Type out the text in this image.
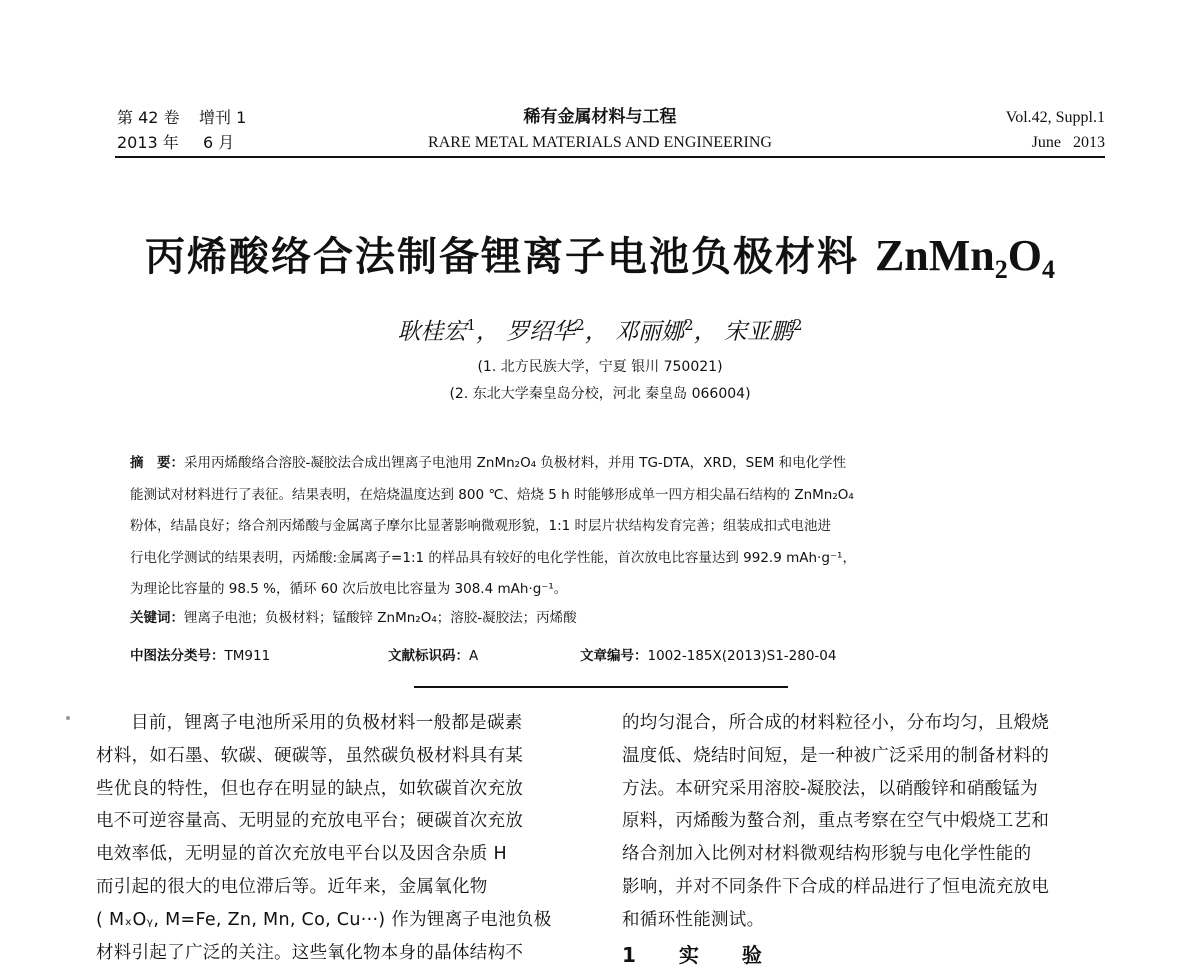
第 42 卷 增刊 1
2013 年 6 月
稀有金属材料与工程
RARE METAL MATERIALS AND ENGINEERING
Vol.42, Suppl.1
June   2013
丙烯酸络合法制备锂离子电池负极材料 $ZnMn_2O_4$
耿桂宏$^1$， 罗绍华$^2$， 邓丽娜$^2$， 宋亚鹏$^2$
(1. 北方民族大学，宁夏 银川 750021)
(2. 东北大学秦皇岛分校，河北 秦皇岛 066004)
摘　要：采用丙烯酸络合溶胶-凝胶法合成出锂离子电池用 ZnMn₂O₄ 负极材料，并用 TG-DTA，XRD，SEM 和电化学性
能测试对材料进行了表征。结果表明，在焙烧温度达到 800 ℃、焙烧 5 h 时能够形成单一四方相尖晶石结构的 ZnMn₂O₄
粉体，结晶良好；络合剂丙烯酸与金属离子摩尔比显著影响微观形貌，1:1 时层片状结构发育完善；组装成扣式电池进
行电化学测试的结果表明，丙烯酸:金属离子=1:1 的样品具有较好的电化学性能，首次放电比容量达到 992.9 mAh·g⁻¹，
为理论比容量的 98.5 %，循环 60 次后放电比容量为 308.4 mAh·g⁻¹。
关键词：锂离子电池；负极材料；锰酸锌 ZnMn₂O₄；溶胶-凝胶法；丙烯酸
中图法分类号：TM911	文献标识码：A	文章编号：1002-185X(2013)S1-280-04
目前，锂离子电池所采用的负极材料一般都是碳素
材料，如石墨、软碳、硬碳等，虽然碳负极材料具有某
些优良的特性，但也存在明显的缺点，如软碳首次充放
电不可逆容量高、无明显的充放电平台；硬碳首次充放
电效率低，无明显的首次充放电平台以及因含杂质 H
而引起的很大的电位滞后等。近年来，金属氧化物
( MₓOᵧ, M=Fe, Zn, Mn, Co, Cu···) 作为锂离子电池负极
材料引起了广泛的关注。这些氧化物本身的晶体结构不
的均匀混合，所合成的材料粒径小，分布均匀，且煅烧
温度低、烧结时间短，是一种被广泛采用的制备材料的
方法。本研究采用溶胶-凝胶法，以硝酸锌和硝酸锰为
原料，丙烯酸为螯合剂，重点考察在空气中煅烧工艺和
络合剂加入比例对材料微观结构形貌与电化学性能的
影响，并对不同条件下合成的样品进行了恒电流充放电
和循环性能测试。
1 实 验
